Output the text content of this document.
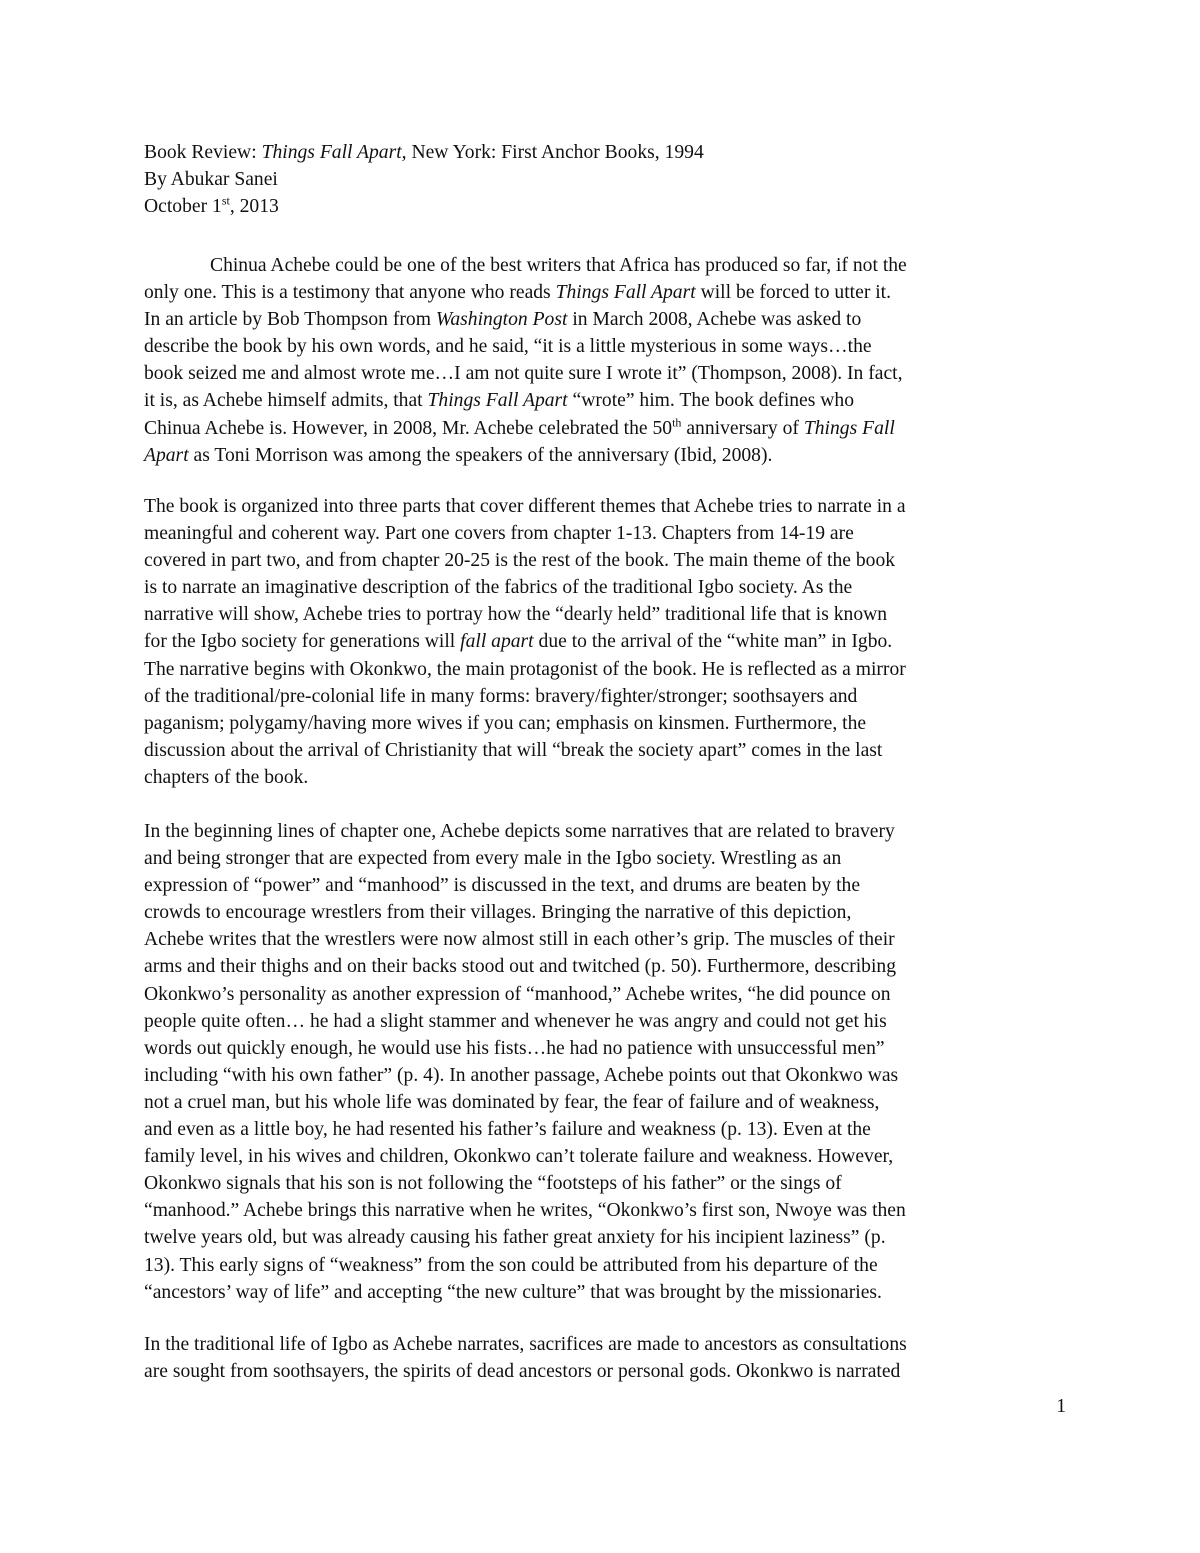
Book Review: Things Fall Apart, New York: First Anchor Books, 1994
By Abukar Sanei
October 1st, 2013
Chinua Achebe could be one of the best writers that Africa has produced so far, if not the
only one. This is a testimony that anyone who reads Things Fall Apart will be forced to utter it.
In an article by Bob Thompson from Washington Post in March 2008, Achebe was asked to
describe the book by his own words, and he said, “it is a little mysterious in some ways…the
book seized me and almost wrote me…I am not quite sure I wrote it” (Thompson, 2008). In fact,
it is, as Achebe himself admits, that Things Fall Apart “wrote” him. The book defines who
Chinua Achebe is. However, in 2008, Mr. Achebe celebrated the 50th anniversary of Things Fall
Apart as Toni Morrison was among the speakers of the anniversary (Ibid, 2008).
The book is organized into three parts that cover different themes that Achebe tries to narrate in a
meaningful and coherent way. Part one covers from chapter 1-13. Chapters from 14-19 are
covered in part two, and from chapter 20-25 is the rest of the book. The main theme of the book
is to narrate an imaginative description of the fabrics of the traditional Igbo society. As the
narrative will show, Achebe tries to portray how the “dearly held” traditional life that is known
for the Igbo society for generations will fall apart due to the arrival of the “white man” in Igbo.
The narrative begins with Okonkwo, the main protagonist of the book. He is reflected as a mirror
of the traditional/pre-colonial life in many forms: bravery/fighter/stronger; soothsayers and
paganism; polygamy/having more wives if you can; emphasis on kinsmen. Furthermore, the
discussion about the arrival of Christianity that will “break the society apart” comes in the last
chapters of the book.
In the beginning lines of chapter one, Achebe depicts some narratives that are related to bravery
and being stronger that are expected from every male in the Igbo society. Wrestling as an
expression of “power” and “manhood” is discussed in the text, and drums are beaten by the
crowds to encourage wrestlers from their villages. Bringing the narrative of this depiction,
Achebe writes that the wrestlers were now almost still in each other’s grip. The muscles of their
arms and their thighs and on their backs stood out and twitched (p. 50). Furthermore, describing
Okonkwo’s personality as another expression of “manhood,” Achebe writes, “he did pounce on
people quite often… he had a slight stammer and whenever he was angry and could not get his
words out quickly enough, he would use his fists…he had no patience with unsuccessful men”
including “with his own father” (p. 4). In another passage, Achebe points out that Okonkwo was
not a cruel man, but his whole life was dominated by fear, the fear of failure and of weakness,
and even as a little boy, he had resented his father’s failure and weakness (p. 13). Even at the
family level, in his wives and children, Okonkwo can’t tolerate failure and weakness. However,
Okonkwo signals that his son is not following the “footsteps of his father” or the sings of
“manhood.” Achebe brings this narrative when he writes, “Okonkwo’s first son, Nwoye was then
twelve years old, but was already causing his father great anxiety for his incipient laziness” (p.
13). This early signs of “weakness” from the son could be attributed from his departure of the
“ancestors’ way of life” and accepting “the new culture” that was brought by the missionaries.
In the traditional life of Igbo as Achebe narrates, sacrifices are made to ancestors as consultations
are sought from soothsayers, the spirits of dead ancestors or personal gods. Okonkwo is narrated
1
